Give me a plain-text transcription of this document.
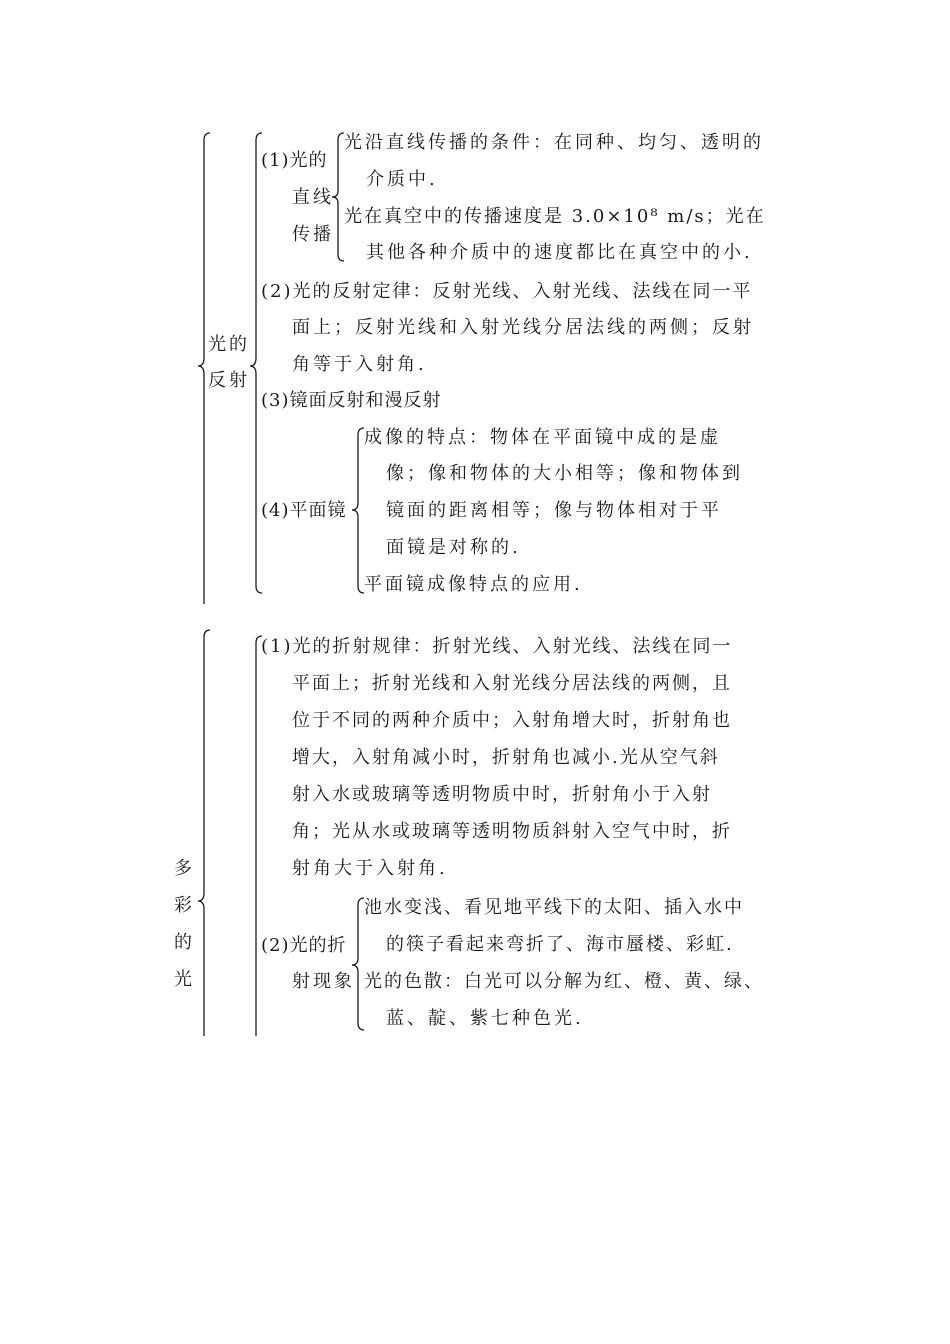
光的
反射
(1)光的
直线
传播
光沿直线传播的条件：在同种、均匀、透明的
介质中.
光在真空中的传播速度是 3.0×10⁸ m/s；光在
其他各种介质中的速度都比在真空中的小.
(2)光的反射定律：反射光线、入射光线、法线在同一平
面上；反射光线和入射光线分居法线的两侧；反射
角等于入射角.
(3)镜面反射和漫反射
(4)平面镜
成像的特点：物体在平面镜中成的是虚
像；像和物体的大小相等；像和物体到
镜面的距离相等；像与物体相对于平
面镜是对称的.
平面镜成像特点的应用.
多
彩
的
光
(1)光的折射规律：折射光线、入射光线、法线在同一
平面上；折射光线和入射光线分居法线的两侧，且
位于不同的两种介质中；入射角增大时，折射角也
增大，入射角减小时，折射角也减小.光从空气斜
射入水或玻璃等透明物质中时，折射角小于入射
角；光从水或玻璃等透明物质斜射入空气中时，折
射角大于入射角.
(2)光的折
射现象
池水变浅、看见地平线下的太阳、插入水中
的筷子看起来弯折了、海市蜃楼、彩虹.
光的色散：白光可以分解为红、橙、黄、绿、
蓝、靛、紫七种色光.
